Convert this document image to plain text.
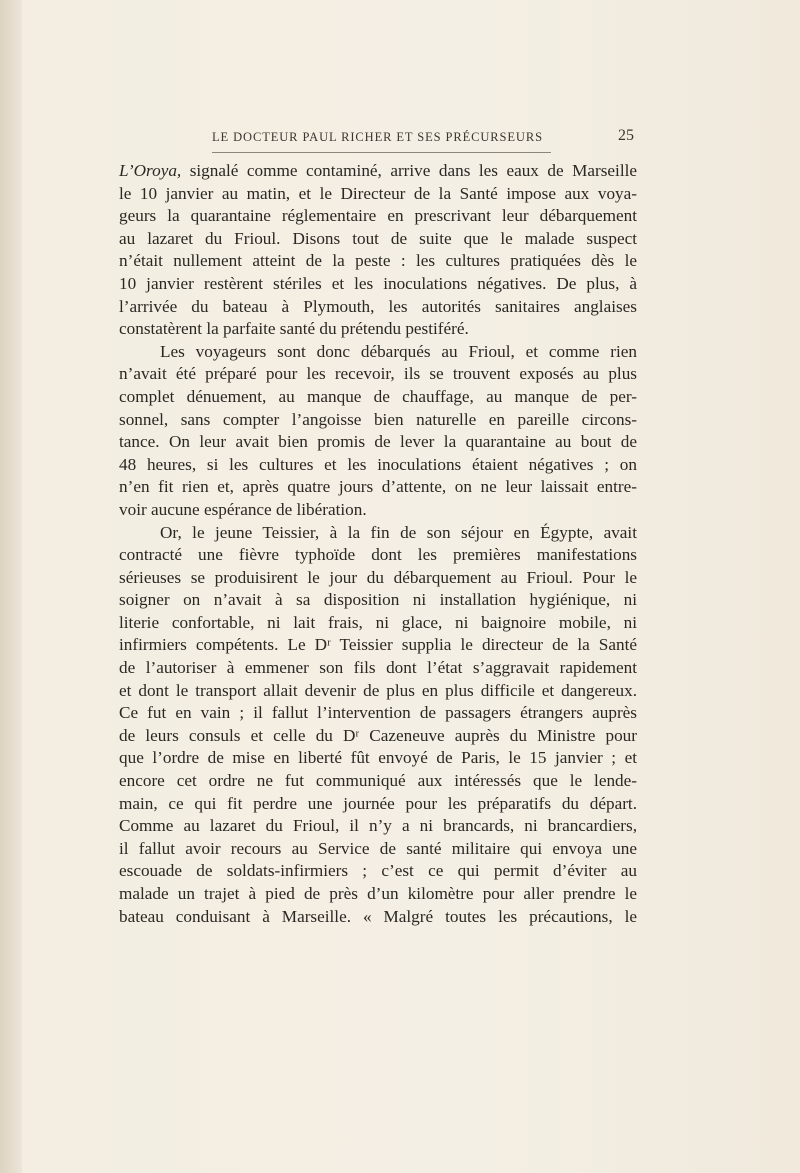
LE DOCTEUR PAUL RICHER ET SES PRÉCURSEURS	25
L’Oroya, signalé comme contaminé, arrive dans les eaux de Marseille
le 10 janvier au matin, et le Directeur de la Santé impose aux voya-
geurs la quarantaine réglementaire en prescrivant leur débarquement
au lazaret du Frioul. Disons tout de suite que le malade suspect
n’était nullement atteint de la peste : les cultures pratiquées dès le
10 janvier restèrent stériles et les inoculations négatives. De plus, à
l’arrivée du bateau à Plymouth, les autorités sanitaires anglaises
constatèrent la parfaite santé du prétendu pestiféré.
Les voyageurs sont donc débarqués au Frioul, et comme rien
n’avait été préparé pour les recevoir, ils se trouvent exposés au plus
complet dénuement, au manque de chauffage, au manque de per-
sonnel, sans compter l’angoisse bien naturelle en pareille circons-
tance. On leur avait bien promis de lever la quarantaine au bout de
48 heures, si les cultures et les inoculations étaient négatives ; on
n’en fit rien et, après quatre jours d’attente, on ne leur laissait entre-
voir aucune espérance de libération.
Or, le jeune Teissier, à la fin de son séjour en Égypte, avait
contracté une fièvre typhoïde dont les premières manifestations
sérieuses se produisirent le jour du débarquement au Frioul. Pour le
soigner on n’avait à sa disposition ni installation hygiénique, ni
literie confortable, ni lait frais, ni glace, ni baignoire mobile, ni
infirmiers compétents. Le Dʳ Teissier supplia le directeur de la Santé
de l’autoriser à emmener son fils dont l’état s’aggravait rapidement
et dont le transport allait devenir de plus en plus difficile et dangereux.
Ce fut en vain ; il fallut l’intervention de passagers étrangers auprès
de leurs consuls et celle du Dʳ Cazeneuve auprès du Ministre pour
que l’ordre de mise en liberté fût envoyé de Paris, le 15 janvier ; et
encore cet ordre ne fut communiqué aux intéressés que le lende-
main, ce qui fit perdre une journée pour les préparatifs du départ.
Comme au lazaret du Frioul, il n’y a ni brancards, ni brancardiers,
il fallut avoir recours au Service de santé militaire qui envoya une
escouade de soldats-infirmiers ; c’est ce qui permit d’éviter au
malade un trajet à pied de près d’un kilomètre pour aller prendre le
bateau conduisant à Marseille. « Malgré toutes les précautions, le
